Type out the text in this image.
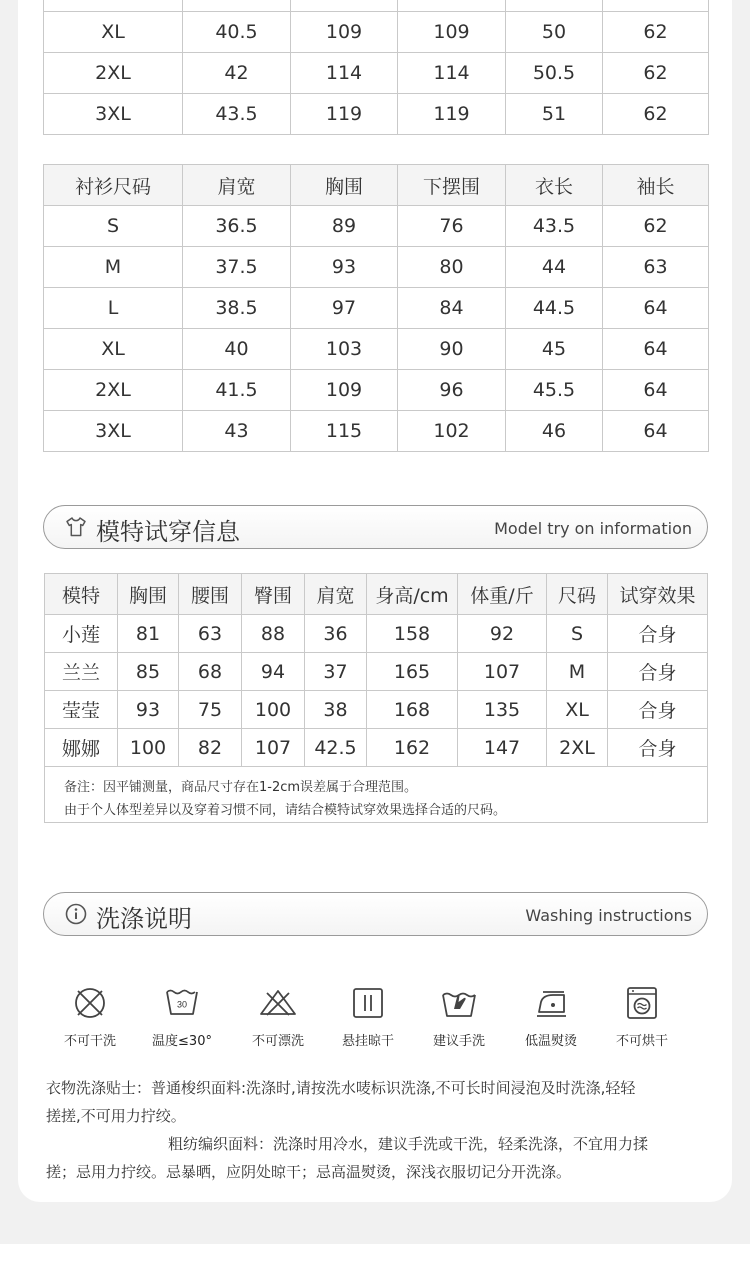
XL	40.5	109	109	50	62
2XL	42	114	114	50.5	62
3XL	43.5	119	119	51	62
衬衫尺码	肩宽	胸围	下摆围	衣长	袖长
S	36.5	89	76	43.5	62
M	37.5	93	80	44	63
L	38.5	97	84	44.5	64
XL	40	103	90	45	64
2XL	41.5	109	96	45.5	64
3XL	43	115	102	46	64
模特试穿信息	Model try on information
模特	胸围	腰围	臀围	肩宽	身高/cm	体重/斤	尺码	试穿效果
小莲	81	63	88	36	158	92	S	合身
兰兰	85	68	94	37	165	107	M	合身
莹莹	93	75	100	38	168	135	XL	合身
娜娜	100	82	107	42.5	162	147	2XL	合身

备注：因平铺测量，商品尺寸存在1-2cm误差属于合理范围。
由于个人体型差异以及穿着习惯不同，请结合模特试穿效果选择合适的尺码。								
洗涤说明	Washing instructions
不可干洗
30
温度≤30°	不可漂洗	悬挂晾干	建议手洗	低温熨烫	不可烘干
衣物洗涤贴士：普通梭织面料:洗涤时,请按洗水唛标识洗涤,不可长时间浸泡及时洗涤,轻轻
搓搓,不可用力拧绞。
粗纺编织面料：洗涤时用冷水，建议手洗或干洗，轻柔洗涤，不宜用力揉
搓；忌用力拧绞。忌暴晒，应阴处晾干；忌高温熨烫，深浅衣服切记分开洗涤。
